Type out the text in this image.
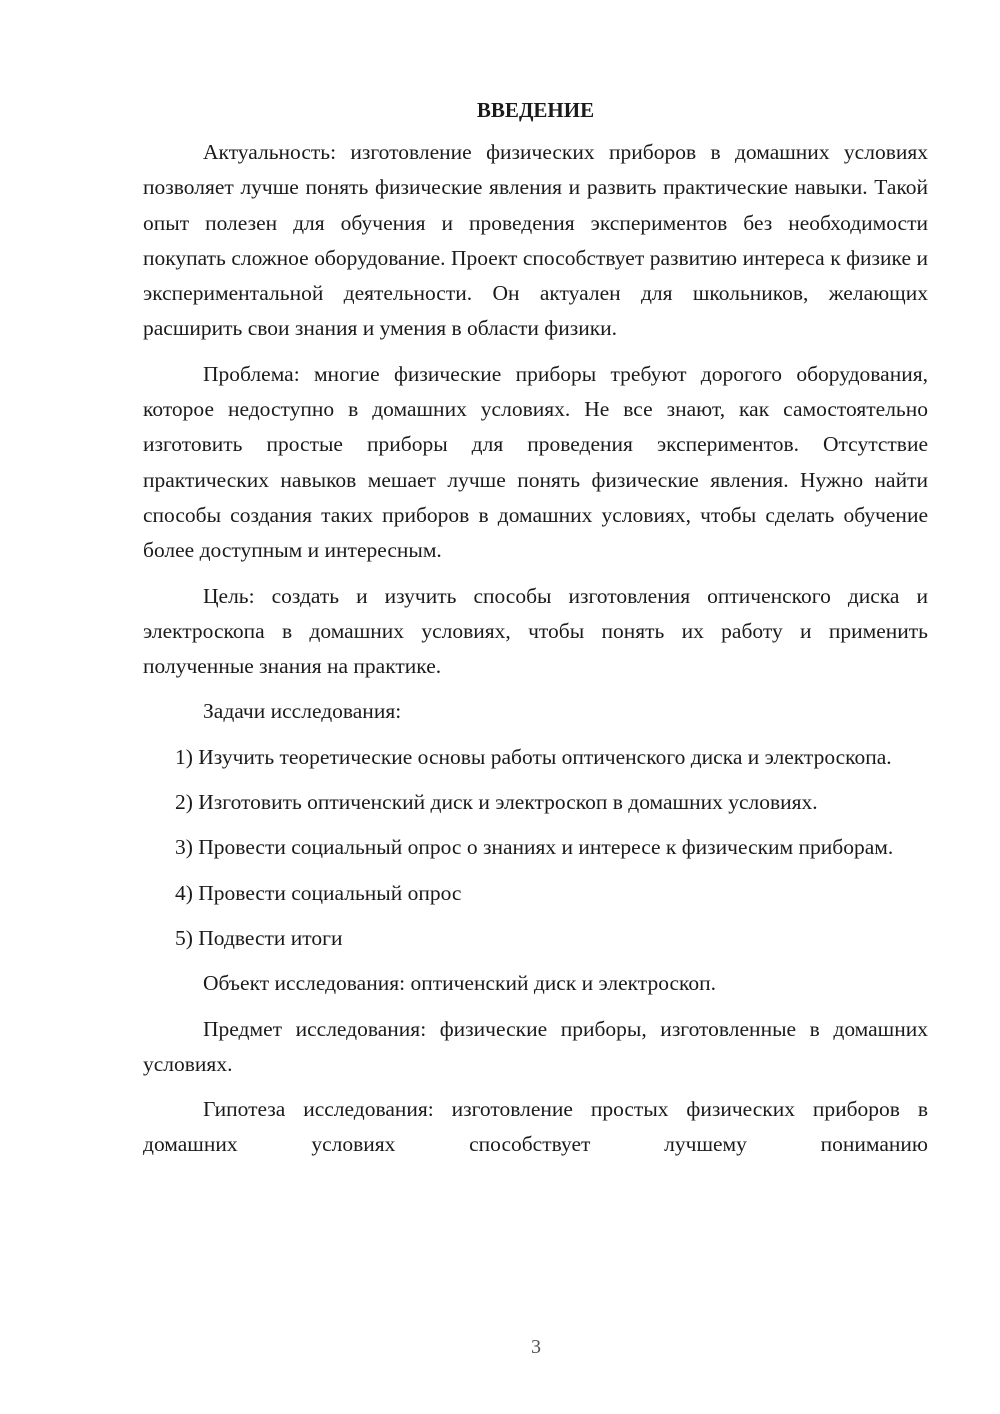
ВВЕДЕНИЕ

Актуальность: изготовление физических приборов в домашних условиях позволяет лучше понять физические явления и развить практические навыки. Такой опыт полезен для обучения и проведения экспериментов без необходимости покупать сложное оборудование. Проект способствует развитию интереса к физике и экспериментальной деятельности. Он актуален для школьников, желающих расширить свои знания и умения в области физики.

Проблема: многие физические приборы требуют дорогого оборудования, которое недоступно в домашних условиях. Не все знают, как самостоятельно изготовить простые приборы для проведения экспериментов. Отсутствие практических навыков мешает лучше понять физические явления. Нужно найти способы создания таких приборов в домашних условиях, чтобы сделать обучение более доступным и интересным.

Цель: создать и изучить способы изготовления оптиченского диска и электроскопа в домашних условиях, чтобы понять их работу и применить полученные знания на практике.

Задачи исследования:

1) Изучить теоретические основы работы оптиченского диска и электроскопа.

2) Изготовить оптиченский диск и электроскоп в домашних условиях.

3) Провести социальный опрос о знаниях и интересе к физическим приборам.

4) Провести социальный опрос

5) Подвести итоги

Объект исследования: оптиченский диск и электроскоп.

Предмет исследования: физические приборы, изготовленные в домашних условиях.

Гипотеза исследования: изготовление простых физических приборов в домашних условиях способствует лучшему пониманию

3
